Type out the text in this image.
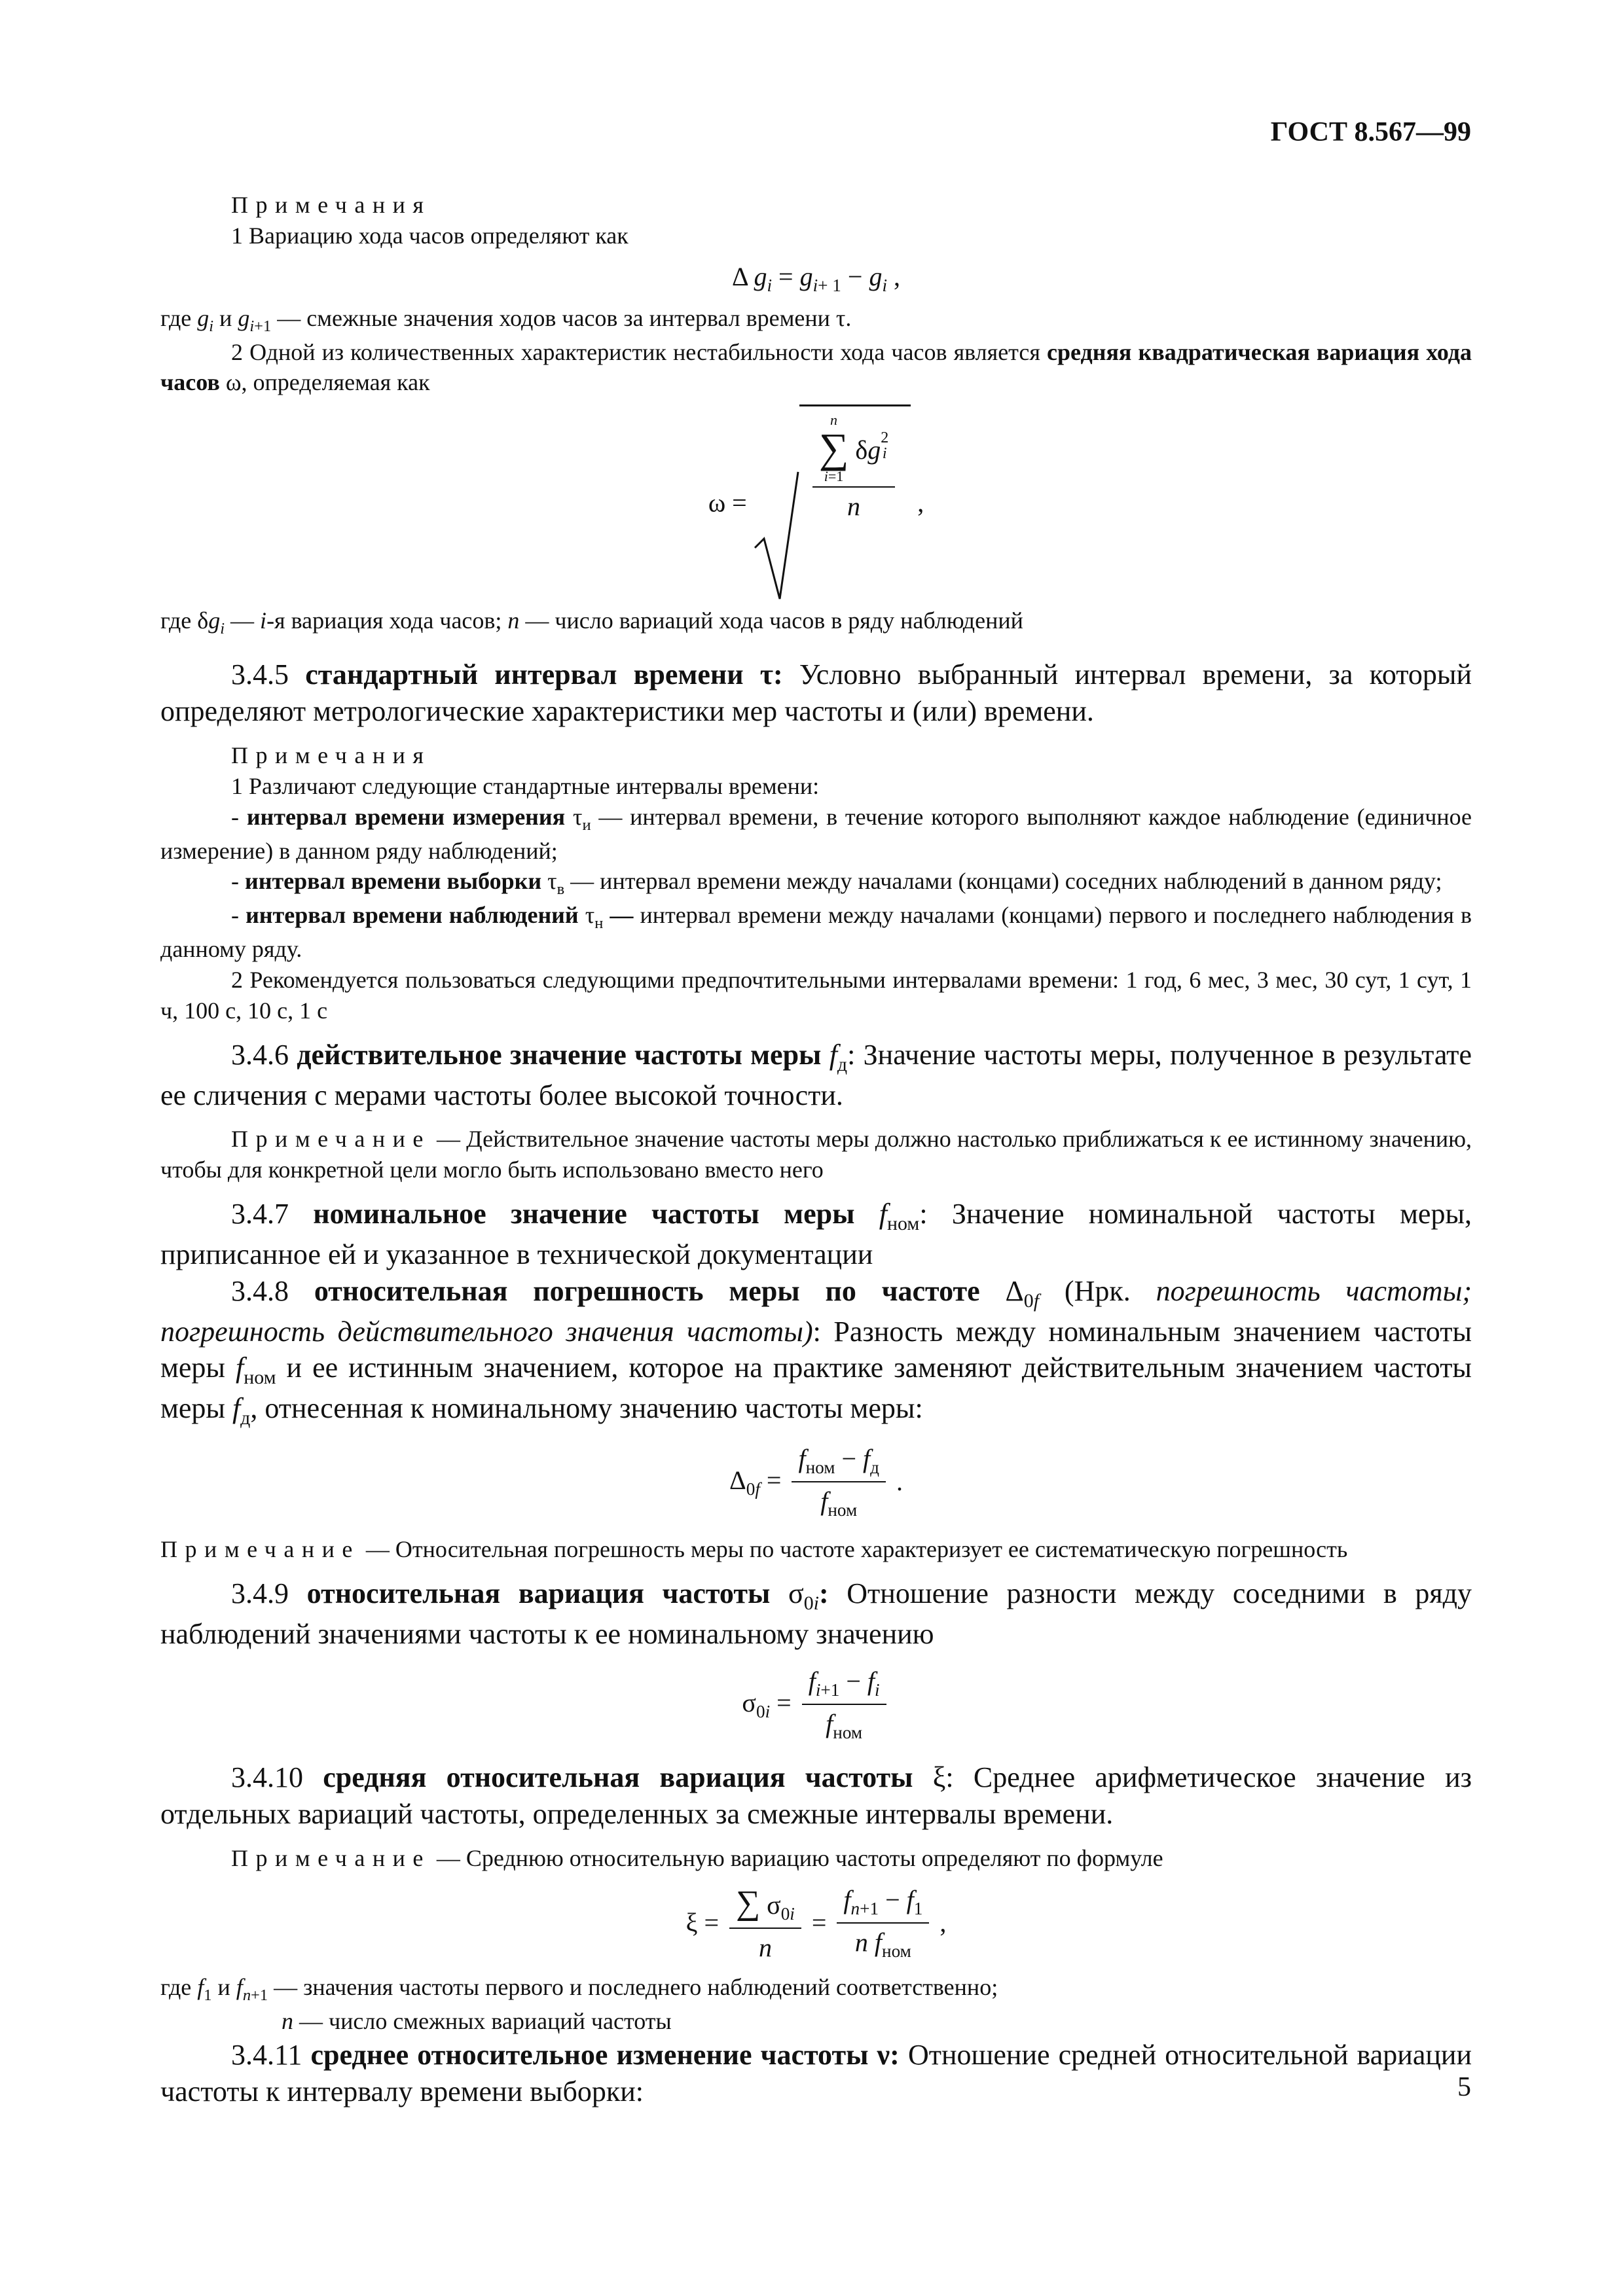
ГОСТ 8.567—99

Примечания

1 Вариацию хода часов определяют как

Δ $g_i = g_{i+ 1} - g_i$ ,

где $g_i$ и $g_{i+1}$ — смежные значения ходов часов за интервал времени τ.

2 Одной из количественных характеристик нестабильности хода часов является средняя квадратическая вариация хода часов ω, определяемая как

ω =	n
∑
i=1
δg $^{2 i}$
n ,

где $\delta g_i$ — i-я вариация хода часов; n — число вариаций хода часов в ряду наблюдений

3.4.5 стандартный интервал времени τ: Условно выбранный интервал времени, за который определяют метрологические характеристики мер частоты и (или) времени.

Примечания

1 Различают следующие стандартные интервалы времени:

- интервал времени измерения $\tau_и$ — интервал времени, в течение которого выполняют каждое наблюдение (единичное измерение) в данном ряду наблюдений;

- интервал времени выборки $\tau_в$ — интервал времени между началами (концами) соседних наблюдений в данном ряду;

- интервал времени наблюдений $\tau_н$ — интервал времени между началами (концами) первого и последнего наблюдения в данному ряду.

2 Рекомендуется пользоваться следующими предпочтительными интервалами времени: 1 год, 6 мес, 3 мес, 30 сут, 1 сут, 1 ч, 100 с, 10 с, 1 с

3.4.6 действительное значение частоты меры $f_д$: Значение частоты меры, полученное в результате ее сличения с мерами частоты более высокой точности.

Примечание — Действительное значение частоты меры должно настолько приближаться к ее истинному значению, чтобы для конкретной цели могло быть использовано вместо него

3.4.7 номинальное значение частоты меры $f_{ном}$: Значение номинальной частоты меры, приписанное ей и указанное в технической документации

3.4.8 относительная погрешность меры по частоте $\Delta_{0f}$ (Нрк. погрешность частоты; погрешность действительного значения частоты): Разность между номинальным значением частоты меры $f_{ном}$ и ее истинным значением, которое на практике заменяют действительным значением частоты меры $f_д$, отнесенная к номинальному значению частоты меры:

$\Delta_{0f} = \frac{f_{ном} - f_д}{f_{ном}}$ .

Примечание — Относительная погрешность меры по частоте характеризует ее систематическую погрешность

3.4.9 относительная вариация частоты $\sigma_{0i}$: Отношение разности между соседними в ряду наблюдений значениями частоты к ее номинальному значению

$\sigma_{0i} = \frac{f_{i+1} - f_i}{f_{ном}}$

3.4.10 средняя относительная вариация частоты ξ: Среднее арифметическое значение из отдельных вариаций частоты, определенных за смежные интервалы времени.

Примечание — Среднюю относительную вариацию частоты определяют по формуле

$\xi = \frac{\sum \sigma_{0i}}{n} = \frac{f_{n+1} - f_1}{n f_{ном}}$ ,

где $f_1$ и $f_{n+1}$ — значения частоты первого и последнего наблюдений соответственно;

n — число смежных вариаций частоты

3.4.11 среднее относительное изменение частоты ν: Отношение средней относительной вариации частоты к интервалу времени выборки:	5
